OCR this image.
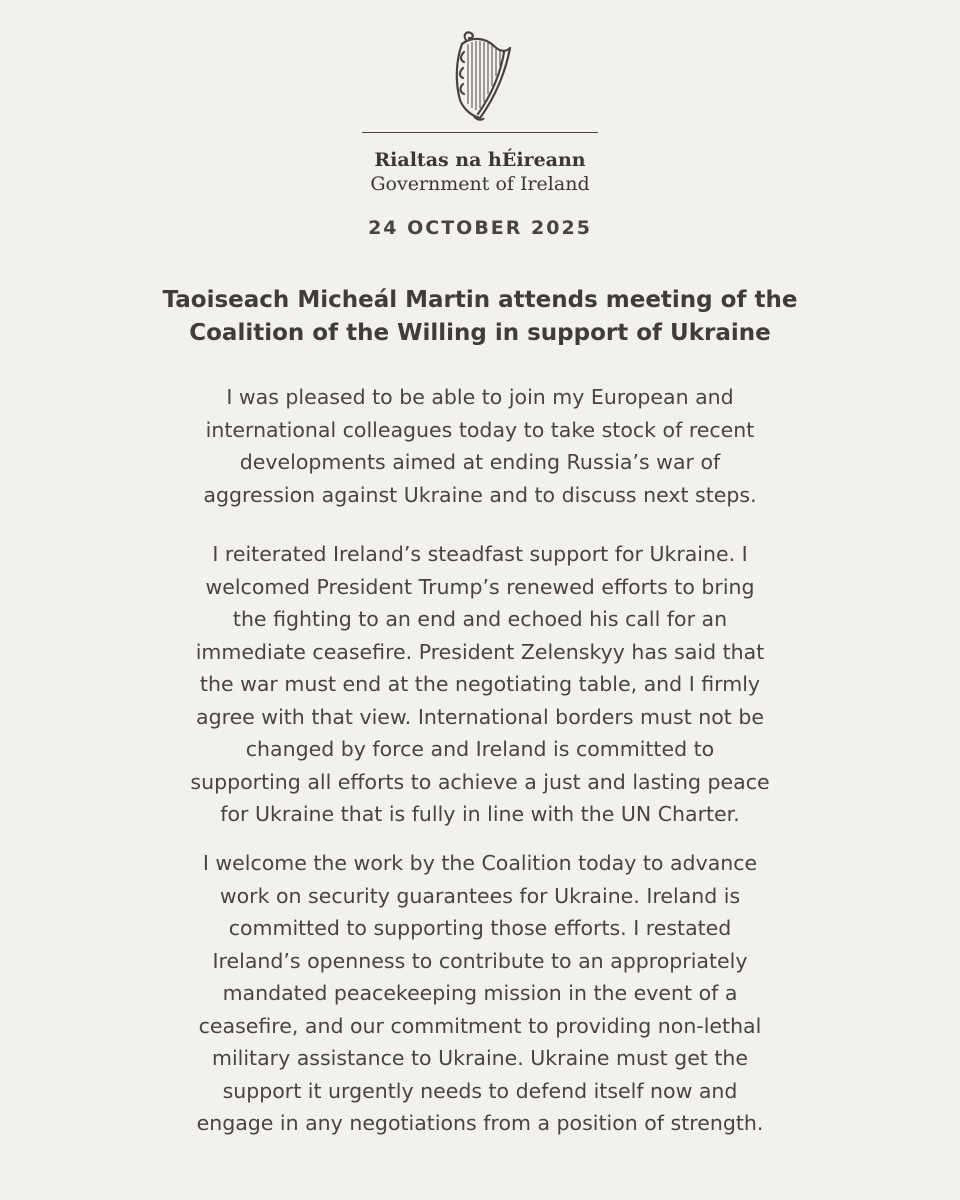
Rialtas na hÉireann
Government of Ireland
24 OCTOBER 2025
Taoiseach Micheál Martin attends meeting of the
Coalition of the Willing in support of Ukraine
I was pleased to be able to join my European and
international colleagues today to take stock of recent
developments aimed at ending Russia’s war of
aggression against Ukraine and to discuss next steps.
I reiterated Ireland’s steadfast support for Ukraine. I
welcomed President Trump’s renewed efforts to bring
the fighting to an end and echoed his call for an
immediate ceasefire. President Zelenskyy has said that
the war must end at the negotiating table, and I firmly
agree with that view. International borders must not be
changed by force and Ireland is committed to
supporting all efforts to achieve a just and lasting peace
for Ukraine that is fully in line with the UN Charter.
I welcome the work by the Coalition today to advance
work on security guarantees for Ukraine. Ireland is
committed to supporting those efforts. I restated
Ireland’s openness to contribute to an appropriately
mandated peacekeeping mission in the event of a
ceasefire, and our commitment to providing non-lethal
military assistance to Ukraine. Ukraine must get the
support it urgently needs to defend itself now and
engage in any negotiations from a position of strength.
